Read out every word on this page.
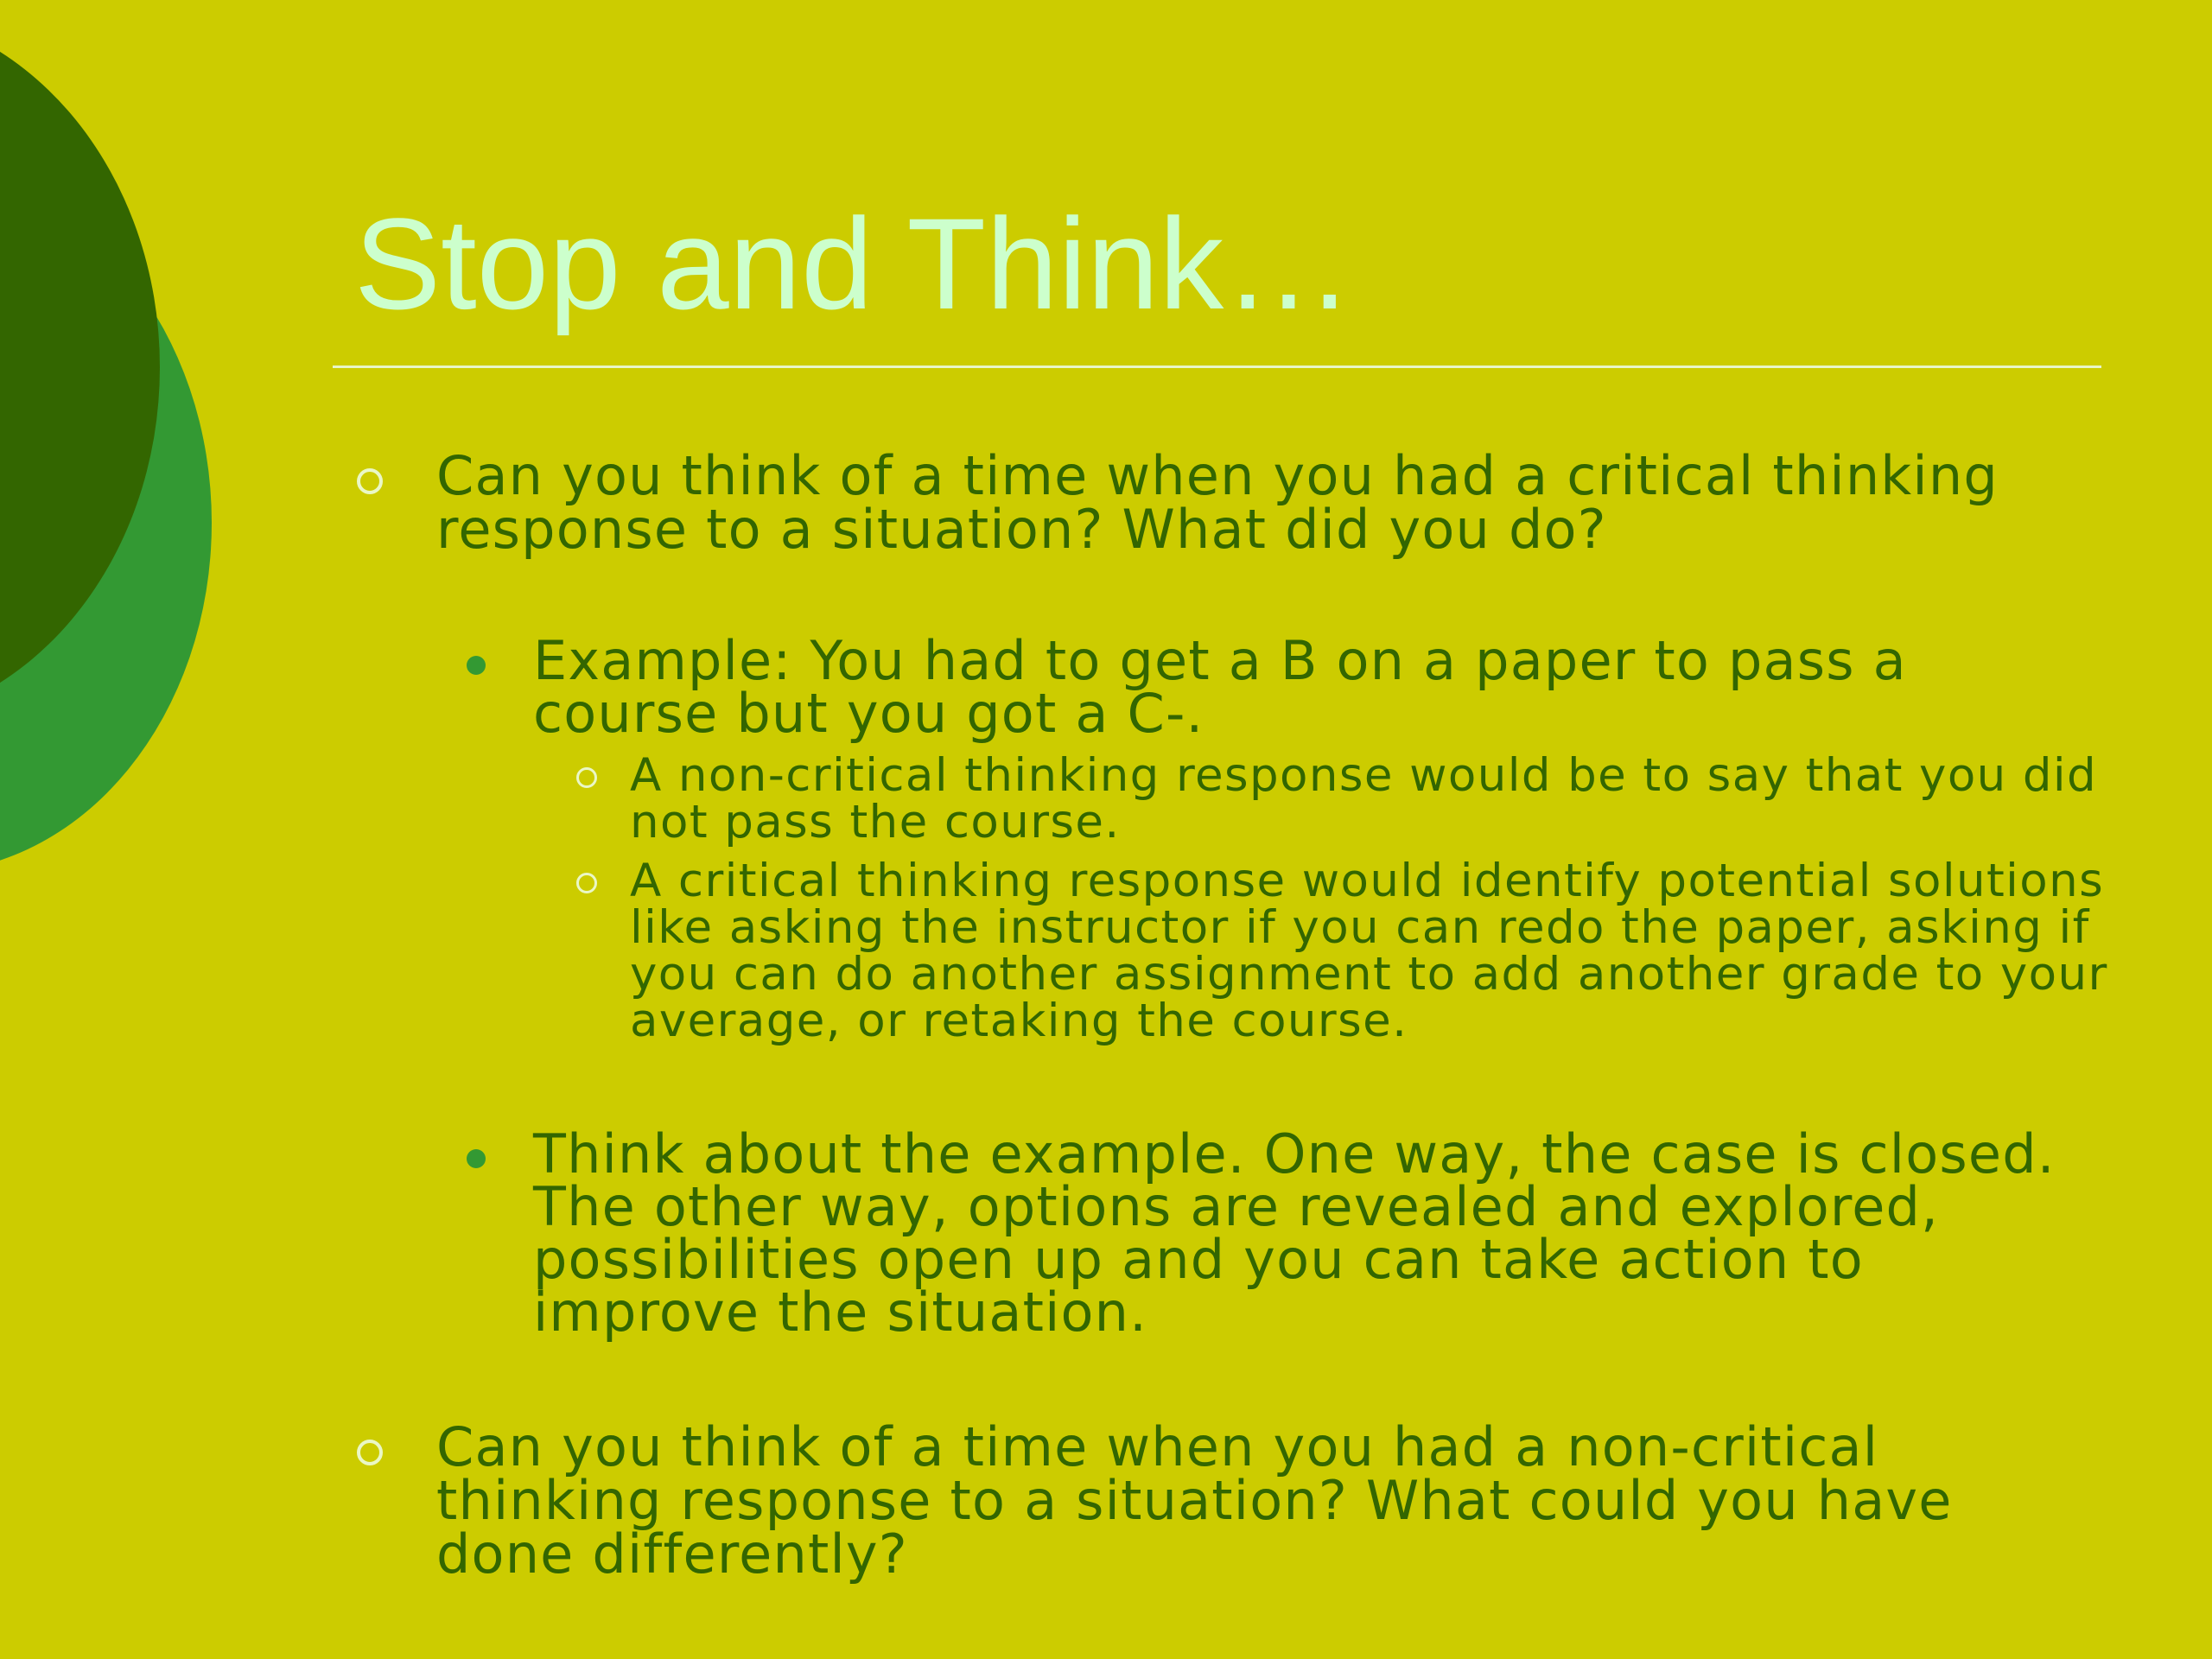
Stop and Think…
Can you think of a time when you had a critical thinking response to a situation? What did you do?
Example: You had to get a B on a paper to pass a course but you got a C-.
A non-critical thinking response would be to say that you did not pass the course.
A critical thinking response would identify potential solutions like asking the instructor if you can redo the paper, asking if you can do another assignment to add another grade to your average, or retaking the course.
Think about the example. One way, the case is closed. The other way, options are revealed and explored, possibilities open up and you can take action to improve the situation.
Can you think of a time when you had a non-critical thinking response to a situation? What could you have done differently?
